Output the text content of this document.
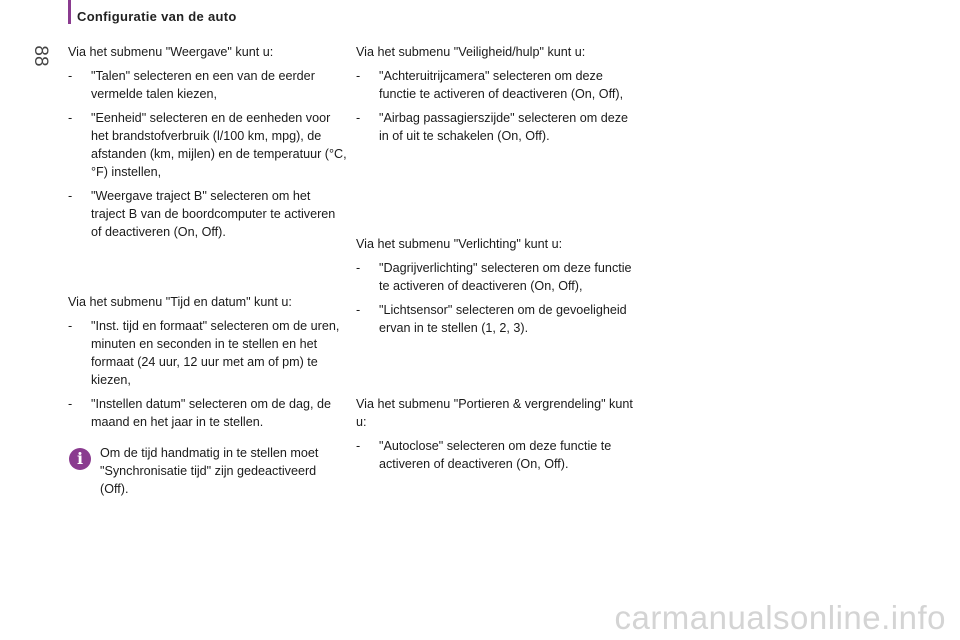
Configuratie van de auto
88 Via het submenu "Weergave" kunt u:

- "Talen" selecteren en een van de eerder vermelde talen kiezen,
- "Eenheid" selecteren en de eenheden voor het brandstofverbruik (l/100 km, mpg), de afstanden (km, mijlen) en de temperatuur (°C, °F) instellen,
- "Weergave traject B" selecteren om het traject B van de boordcomputer te activeren of deactiveren (On, Off).

Via het submenu "Tijd en datum" kunt u:

- "Inst. tijd en formaat" selecteren om de uren, minuten en seconden in te stellen en het formaat (24 uur, 12 uur met am of pm) te kiezen,
- "Instellen datum" selecteren om de dag, de maand en het jaar in te stellen.
i	Om de tijd handmatig in te stellen moet "Synchronisatie tijd" zijn gedeactiveerd (Off).

Via het submenu "Veiligheid/hulp" kunt u:

- "Achteruitrijcamera" selecteren om deze functie te activeren of deactiveren (On, Off),
- "Airbag passagierszijde" selecteren om deze in of uit te schakelen (On, Off).

Via het submenu "Verlichting" kunt u:

- "Dagrijverlichting" selecteren om deze functie te activeren of deactiveren (On, Off),
- "Lichtsensor" selecteren om de gevoeligheid ervan in te stellen (1, 2, 3).

Via het submenu "Portieren & vergrendeling" kunt u:

- "Autoclose" selecteren om deze functie te activeren of deactiveren (On, Off).
carmanualsonline.info
